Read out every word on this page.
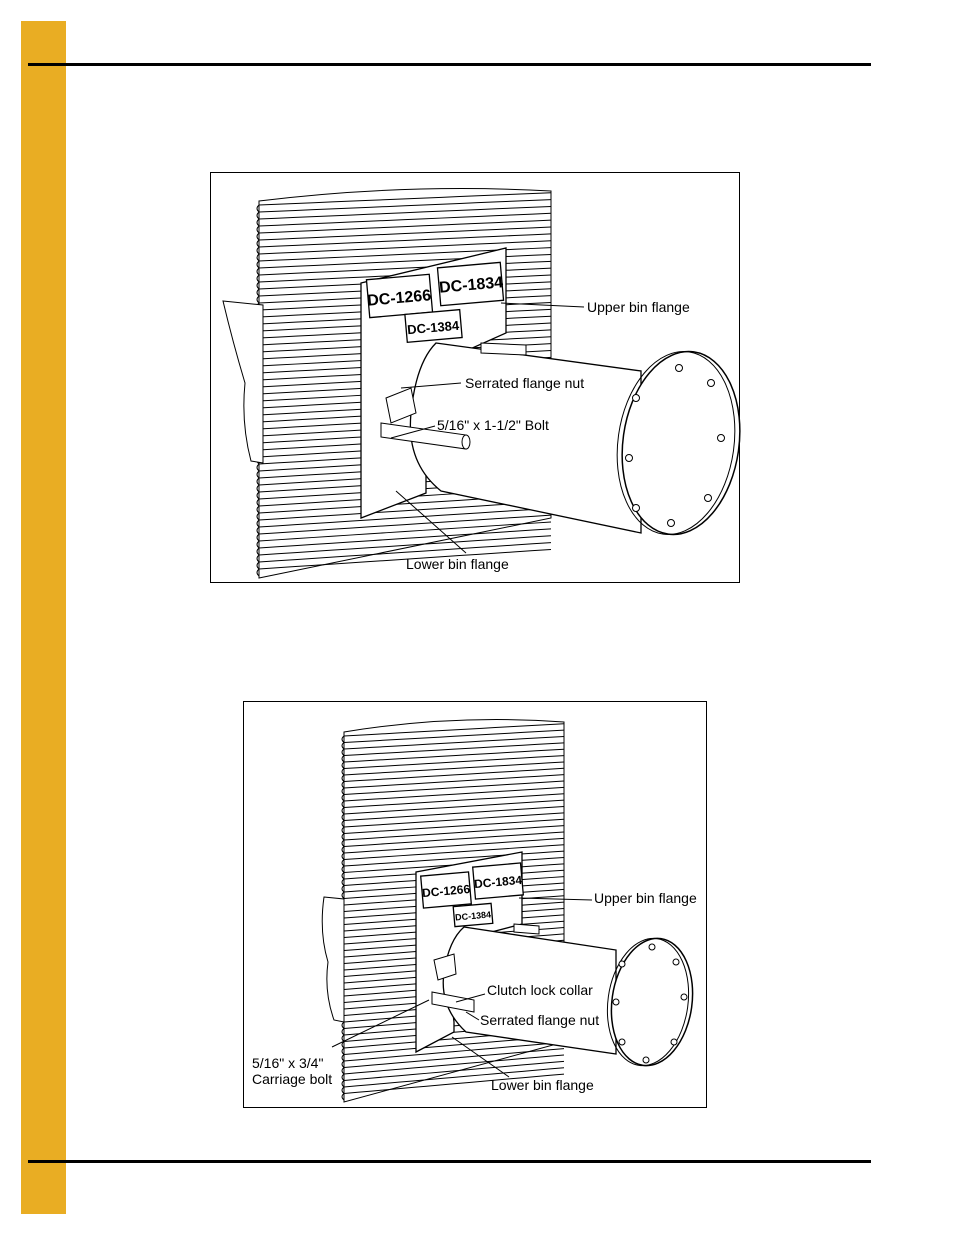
DC-1266
DC-1834
DC-1384
Upper bin flange
Serrated flange nut
5/16" x 1-1/2" Bolt
Lower bin flange
DC-1266 DC-1834
DC-1384
Upper bin flange
Clutch lock collar
Serrated flange nut
5/16" x 3/4"
Carriage bolt	Lower bin flange
